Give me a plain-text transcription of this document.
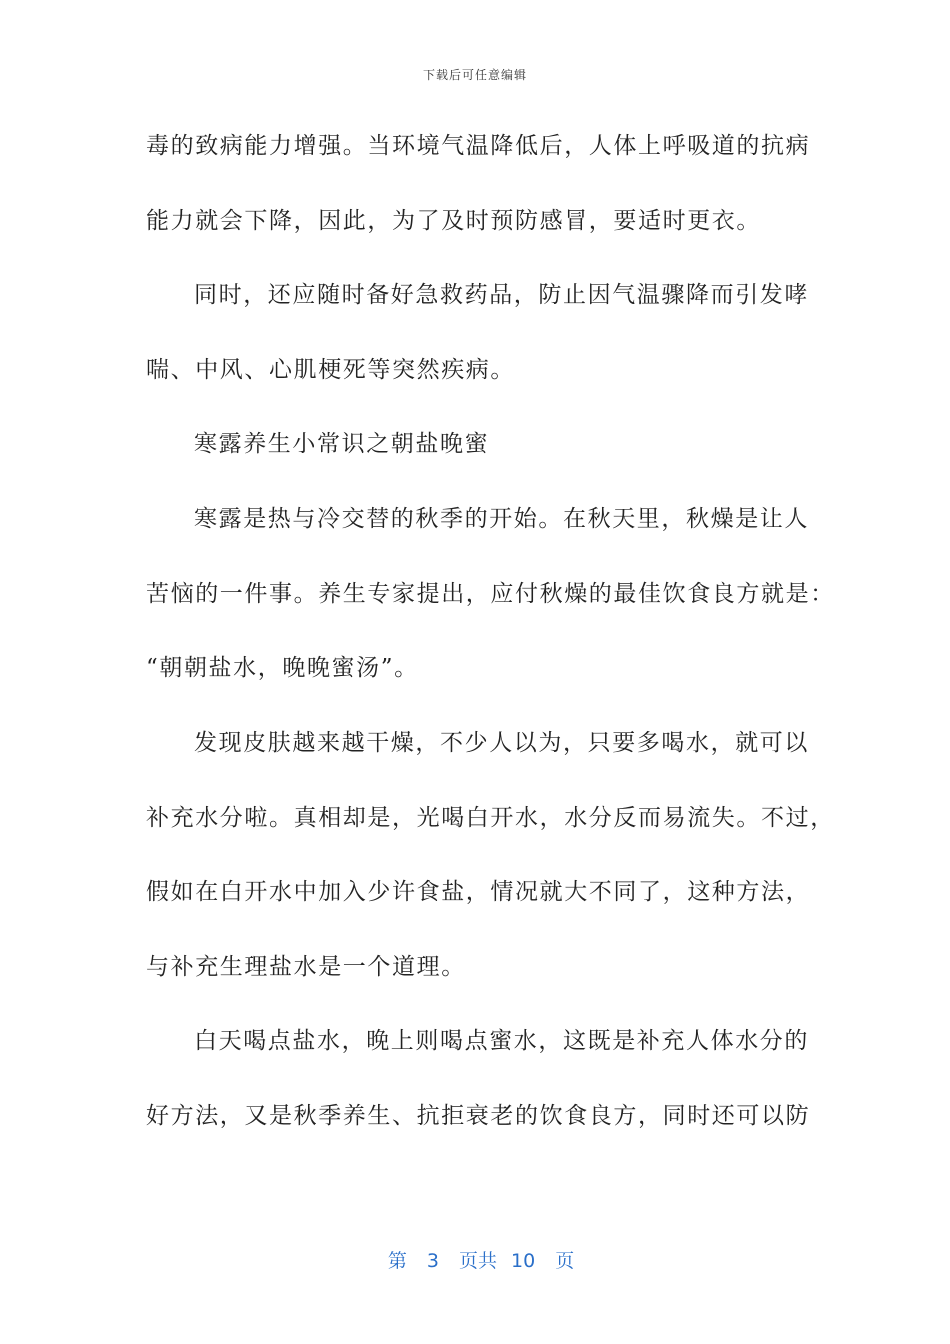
下载后可任意编辑
毒的致病能力增强。当环境气温降低后，人体上呼吸道的抗病
能力就会下降，因此，为了及时预防感冒，要适时更衣。
同时，还应随时备好急救药品，防止因气温骤降而引发哮
喘、中风、心肌梗死等突然疾病。
寒露养生小常识之朝盐晚蜜
寒露是热与冷交替的秋季的开始。在秋天里，秋燥是让人
苦恼的一件事。养生专家提出，应付秋燥的最佳饮食良方就是：
“朝朝盐水，晚晚蜜汤”。
发现皮肤越来越干燥，不少人以为，只要多喝水，就可以
补充水分啦。真相却是，光喝白开水，水分反而易流失。不过，
假如在白开水中加入少许食盐，情况就大不同了，这种方法，
与补充生理盐水是一个道理。
白天喝点盐水，晚上则喝点蜜水，这既是补充人体水分的
好方法，又是秋季养生、抗拒衰老的饮食良方，同时还可以防

第 3 页共 10 页
